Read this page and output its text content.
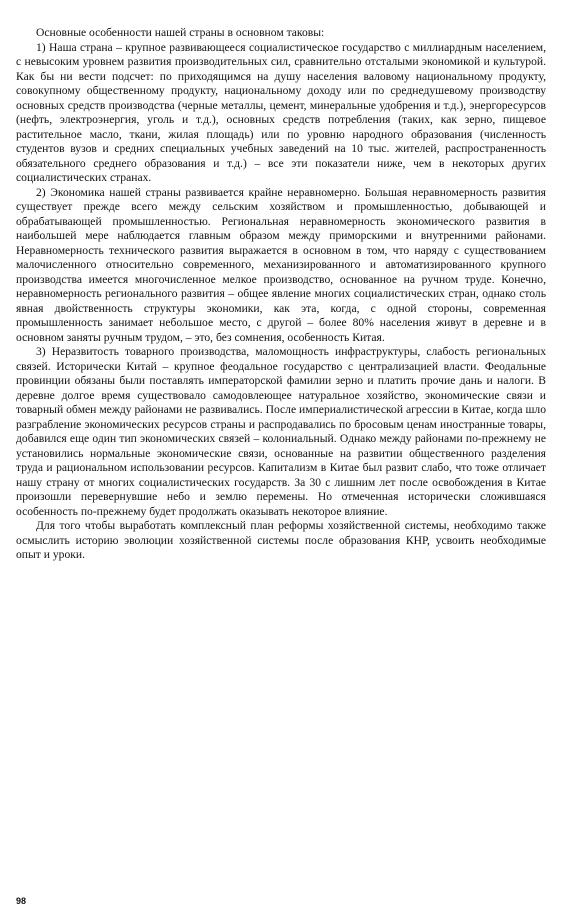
Основные особенности нашей страны в основном таковы:

1) Наша страна – крупное развивающееся социалистическое государство с миллиардным населением, с невысоким уровнем развития производительных сил, сравнительно отсталыми экономикой и культурой. Как бы ни вести подсчет: по приходящимся на душу населения валовому национальному продукту, совокупному общественному продукту, национальному доходу или по среднедушевому производству основных средств производства (черные металлы, цемент, минеральные удобрения и т.д.), энергоресурсов (нефть, электроэнергия, уголь и т.д.), основных средств потребления (таких, как зерно, пищевое растительное масло, ткани, жилая площадь) или по уровню народного образования (численность студентов вузов и средних специальных учебных заведений на 10 тыс. жителей, распространенность обязательного среднего образования и т.д.) – все эти показатели ниже, чем в некоторых других социалистических странах.

2) Экономика нашей страны развивается крайне неравномерно. Большая неравномерность развития существует прежде всего между сельским хозяйством и промышленностью, добывающей и обрабатывающей промышленностью. Региональная неравномерность экономического развития в наибольшей мере наблюдается главным образом между приморскими и внутренними районами. Неравномерность технического развития выражается в основном в том, что наряду с существованием малочисленного относительно современного, механизированного и автоматизированного крупного производства имеется многочисленное мелкое производство, основанное на ручном труде. Конечно, неравномерность регионального развития – общее явление многих социалистических стран, однако столь явная двойственность структуры экономики, как эта, когда, с одной стороны, современная промышленность занимает небольшое место, с другой – более 80% населения живут в деревне и в основном заняты ручным трудом, – это, без сомнения, особенность Китая.

3) Неразвитость товарного производства, маломощность инфраструктуры, слабость региональных связей. Исторически Китай – крупное феодальное государство с централизацией власти. Феодальные провинции обязаны были поставлять императорской фамилии зерно и платить прочие дань и налоги. В деревне долгое время существовало самодовлеющее натуральное хозяйство, экономические связи и товарный обмен между районами не развивались. После империалистической агрессии в Китае, когда шло разграбление экономических ресурсов страны и распродавались по бросовым ценам иностранные товары, добавился еще один тип экономических связей – колониальный. Однако между районами по-прежнему не установились нормальные экономические связи, основанные на развитии общественного разделения труда и рациональном использовании ресурсов. Капитализм в Китае был развит слабо, что тоже отличает нашу страну от многих социалистических государств. За 30 с лишним лет после освобождения в Китае произошли перевернувшие небо и землю перемены. Но отмеченная исторически сложившаяся особенность по-прежнему будет продолжать оказывать некоторое влияние.

Для того чтобы выработать комплексный план реформы хозяйственной системы, необходимо также осмыслить историю эволюции хозяйственной системы после образования КНР, усвоить необходимые опыт и уроки.

98
